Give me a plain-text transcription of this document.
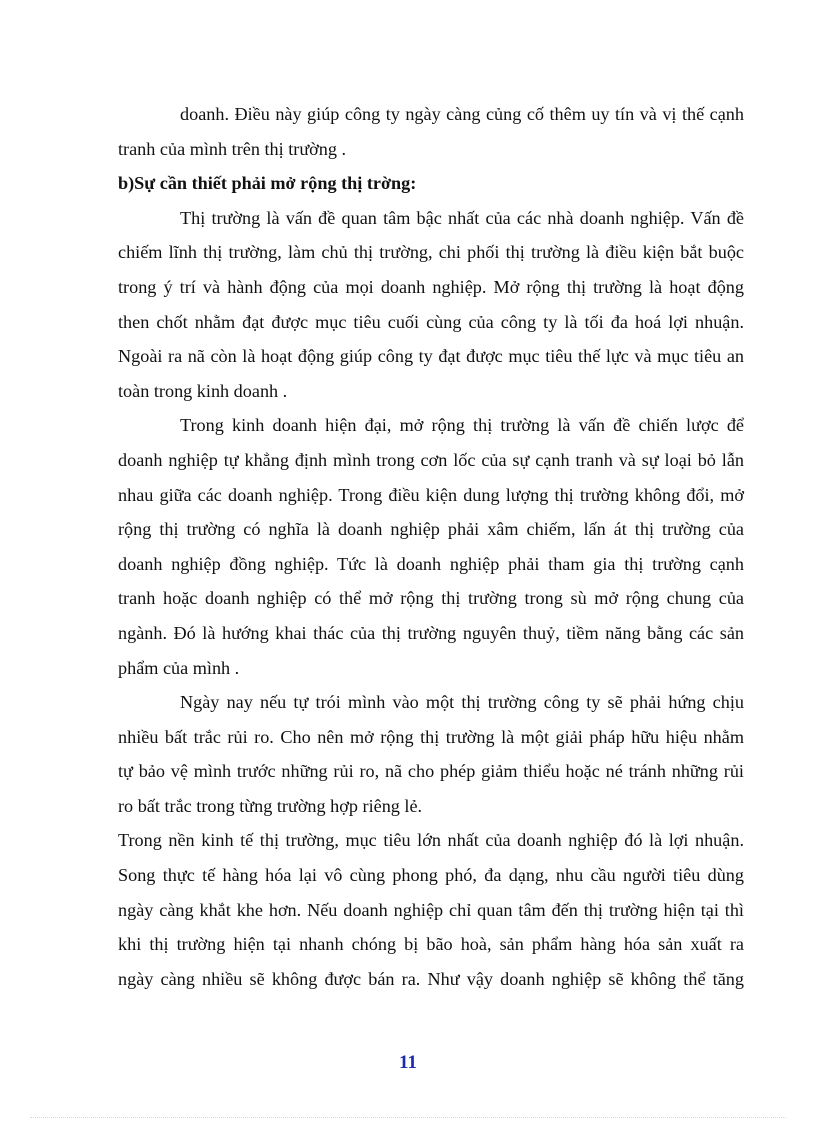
doanh. Điều này giúp công ty ngày càng củng cố thêm uy tín và vị thế cạnh
tranh của mình trên thị trường .
b)Sự cần thiết phải mở rộng thị trờng:
Thị trường là vấn đề quan tâm bậc nhất của các nhà doanh nghiệp. Vấn đề
chiếm lĩnh thị trường, làm chủ thị trường, chi phối thị trường là điều kiện bắt buộc
trong ý trí và hành động của mọi doanh nghiệp. Mở rộng thị trường là hoạt động
then chốt nhằm đạt được mục tiêu cuối cùng của công ty là tối đa hoá lợi nhuận.
Ngoài ra nã còn là hoạt động giúp công ty đạt được mục tiêu thế lực và mục tiêu an
toàn trong kinh doanh .
Trong kinh doanh hiện đại, mở rộng thị trường là vấn đề chiến lược để
doanh nghiệp tự khẳng định mình trong cơn lốc của sự cạnh tranh và sự loại bỏ lẫn
nhau giữa các doanh nghiệp. Trong điều kiện dung lượng thị trường không đổi, mở
rộng thị trường có nghĩa là doanh nghiệp phải xâm chiếm, lấn át thị trường của
doanh nghiệp đồng nghiệp. Tức là doanh nghiệp phải tham gia thị trường cạnh
tranh hoặc doanh nghiệp có thể mở rộng thị trường trong sù mở rộng chung của
ngành. Đó là hướng khai thác của thị trường nguyên thuỷ, tiềm năng bằng các sản
phẩm của mình .
Ngày nay nếu tự trói mình vào một thị trường công ty sẽ phải hứng chịu
nhiều bất trắc rủi ro. Cho nên mở rộng thị trường là một giải pháp hữu hiệu nhằm
tự bảo vệ mình trước những rủi ro, nã cho phép giảm thiểu hoặc né tránh những rủi
ro bất trắc trong từng trường hợp riêng lẻ.
Trong nền kinh tế thị trường, mục tiêu lớn nhất của doanh nghiệp đó là lợi nhuận.
Song thực tế hàng hóa lại vô cùng phong phó, đa dạng, nhu cầu người tiêu dùng
ngày càng khắt khe hơn. Nếu doanh nghiệp chỉ quan tâm đến thị trường hiện tại thì
khi thị trường hiện tại nhanh chóng bị bão hoà, sản phẩm hàng hóa sản xuất ra
ngày càng nhiều sẽ không được bán ra. Như vậy doanh nghiệp sẽ không thể tăng
11
